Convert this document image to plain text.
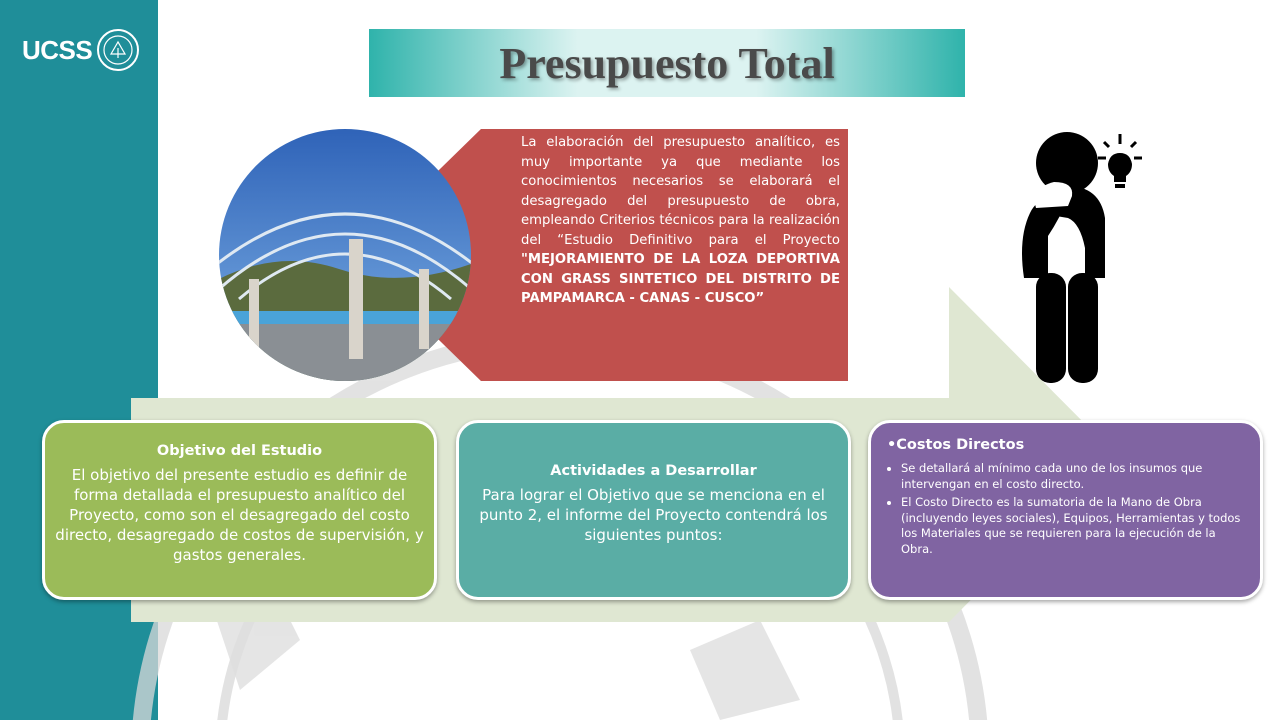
UCSS	Presupuesto Total
La elaboración del presupuesto analítico, es muy importante ya que mediante los conocimientos necesarios se elaborará el desagregado del presupuesto de obra, empleando Criterios técnicos para la realización del “Estudio Definitivo para el Proyecto "MEJORAMIENTO DE LA LOZA DEPORTIVA CON GRASS SINTETICO DEL DISTRITO DE PAMPAMARCA - CANAS - CUSCO”
Objetivo del Estudio
El objetivo del presente estudio es definir de forma detallada el presupuesto analítico del Proyecto, como son el desagregado del costo directo, desagregado de costos de supervisión, y gastos generales.
Actividades a Desarrollar
Para lograr el Objetivo que se menciona en el punto 2, el informe del Proyecto contendrá los siguientes puntos:
•Costos Directos
• Se detallará al mínimo cada uno de los insumos que intervengan en el costo directo.
• El Costo Directo es la sumatoria de la Mano de Obra (incluyendo leyes sociales), Equipos, Herramientas y todos los Materiales que se requieren para la ejecución de la Obra.
